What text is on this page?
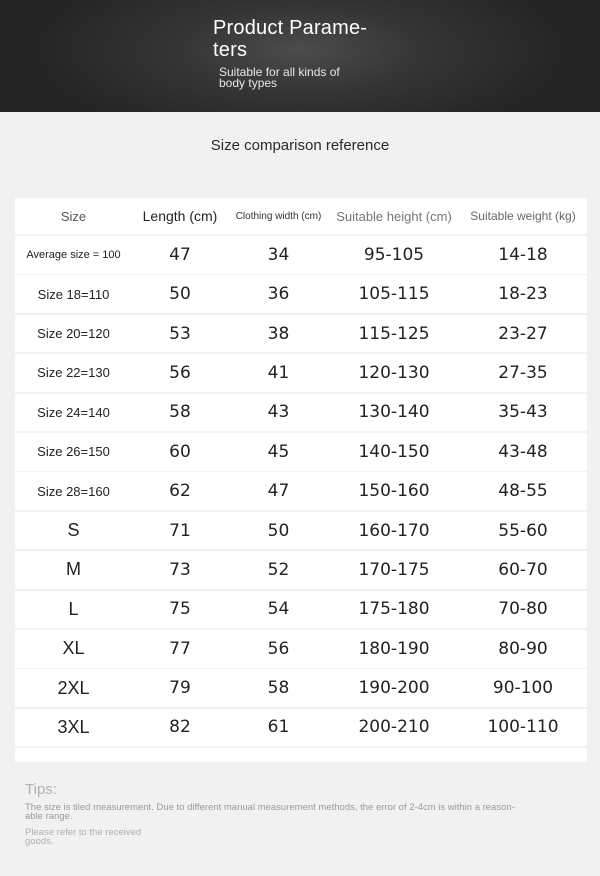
Product Parame- ters
Suitable for all kinds of body types
Size comparison reference
Size	Length (cm)	Clothing width (cm)	Suitable height (cm)	Suitable weight (kg)
Average size = 100	47	34	95-105	14-18
Size 18=110	50	36	105-115	18-23
Size 20=120	53	38	115-125	23-27
Size 22=130	56	41	120-130	27-35
Size 24=140	58	43	130-140	35-43
Size 26=150	60	45	140-150	43-48
Size 28=160	62	47	150-160	48-55
S	71	50	160-170	55-60
M	73	52	170-175	60-70
L	75	54	175-180	70-80
XL	77	56	180-190	80-90
2XL	79	58	190-200	90-100
3XL	82	61	200-210	100-110
Tips:
The size is tiled measurement. Due to different manual measurement methods, the error of 2-4cm is within a reason- able range.
Please refer to the received goods.
